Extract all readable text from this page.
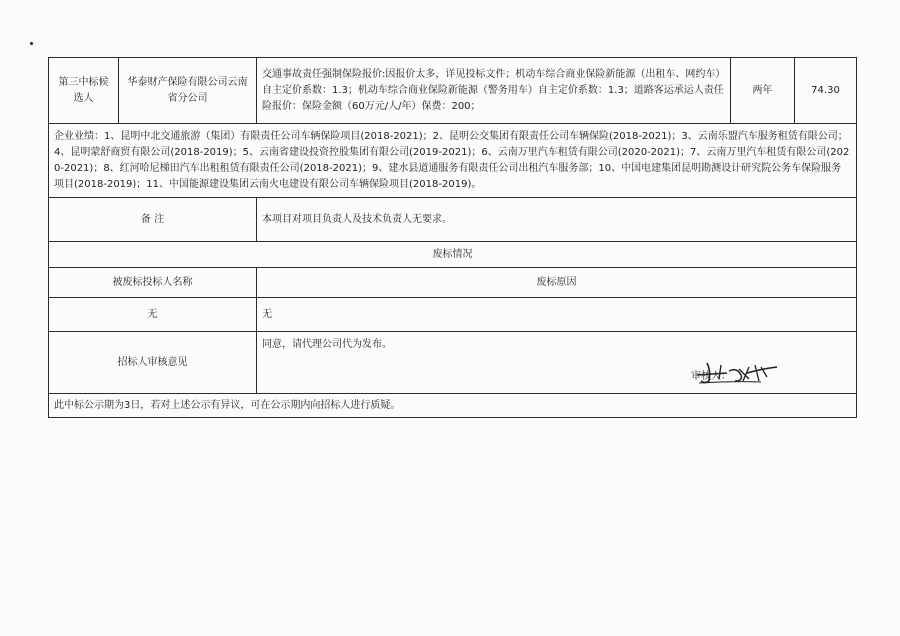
第三中标候选人	华泰财产保险有限公司云南省分公司	交通事故责任强制保险报价:因报价太多，详见投标文件；机动车综合商业保险新能源（出租车、网约车）自主定价系数：1.3；机动车综合商业保险新能源（警务用车）自主定价系数：1.3；道路客运承运人责任险报价：保险金额（60万元/人/年）保费：200；	两年	74.30
企业业绩：1、昆明中北交通旅游（集团）有限责任公司车辆保险项目(2018-2021)；2、昆明公交集团有限责任公司车辆保险(2018-2021)；3、云南乐盟汽车服务租赁有限公司；4、昆明蒙舒商贸有限公司(2018-2019)；5、云南省建设投资控股集团有限公司(2019-2021)；6、云南万里汽车租赁有限公司(2020-2021)；7、云南万里汽车租赁有限公司(2020-2021)；8、红河哈尼梯田汽车出租租赁有限责任公司(2018-2021)；9、建水县道通服务有限责任公司出租汽车服务部；10、中国电建集团昆明勘测设计研究院公务车保险服务项目(2018-2019)；11、中国能源建设集团云南火电建设有限公司车辆保险项目(2018-2019)。				
备 注		本项目对项目负责人及技术负责人无要求。		
废标情况				
被废标投标人名称		废标原因		
无		无		
招标人审核意见		同意，请代理公司代为发布。
审核人：		

此中标公示期为3日，若对上述公示有异议，可在公示期内向招标人进行质疑。				
